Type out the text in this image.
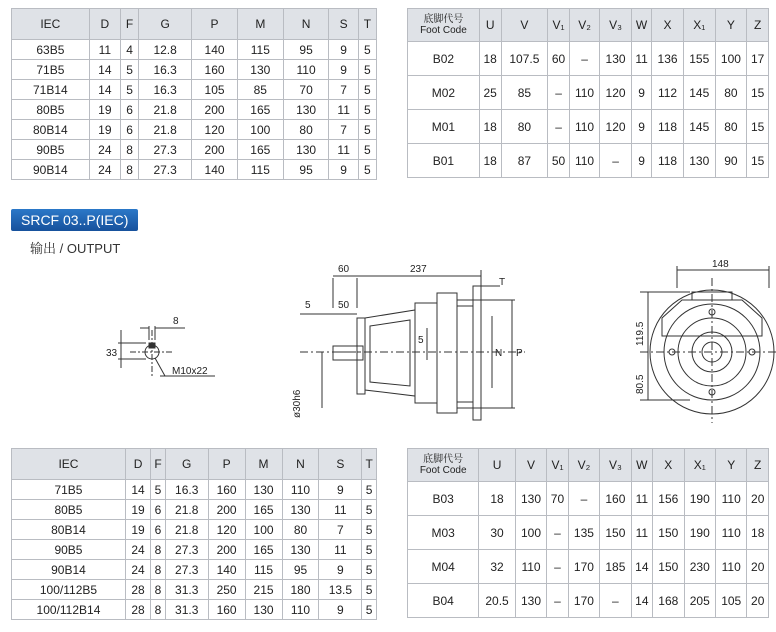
IEC	D	F	G	P	M	N	S	T
63B5	11	4	12.8	140	115	95	9	5
71B5	14	5	16.3	160	130	110	9	5
71B14	14	5	16.3	105	85	70	7	5
80B5	19	6	21.8	200	165	130	11	5
80B14	19	6	21.8	120	100	80	7	5
90B5	24	8	27.3	200	165	130	11	5
90B14	24	8	27.3	140	115	95	9	5
底脚代号
Foot Code	U	V	V₁	V₂	V₃	W	X	X₁	Y	Z
B02	18	107.5	60	–	130	11	136	155	100	17
M02	25	85	–	110	120	9	112	145	80	15
M01	18	80	–	110	120	9	118	145	80	15
B01	18	87	50	110	–	9	118	130	90	15
SRCF 03..P(IEC)
输出 / OUTPUT
8
33
M10x22
60	237
T
5	50
5
N P
ø30h6
148
119.5
80.5
IEC	D	F	G	P	M	N	S	T
71B5	14	5	16.3	160	130	110	9	5
80B5	19	6	21.8	200	165	130	11	5
80B14	19	6	21.8	120	100	80	7	5
90B5	24	8	27.3	200	165	130	11	5
90B14	24	8	27.3	140	115	95	9	5
100/112B5	28	8	31.3	250	215	180	13.5	5
100/112B14	28	8	31.3	160	130	110	9	5
底脚代号
Foot Code	U	V	V₁	V₂	V₃	W	X	X₁	Y	Z
B03	18	130	70	–	160	11	156	190	110	20
M03	30	100	–	135	150	11	150	190	110	18
M04	32	110	–	170	185	14	150	230	110	20
B04	20.5	130	–	170	–	14	168	205	105	20
